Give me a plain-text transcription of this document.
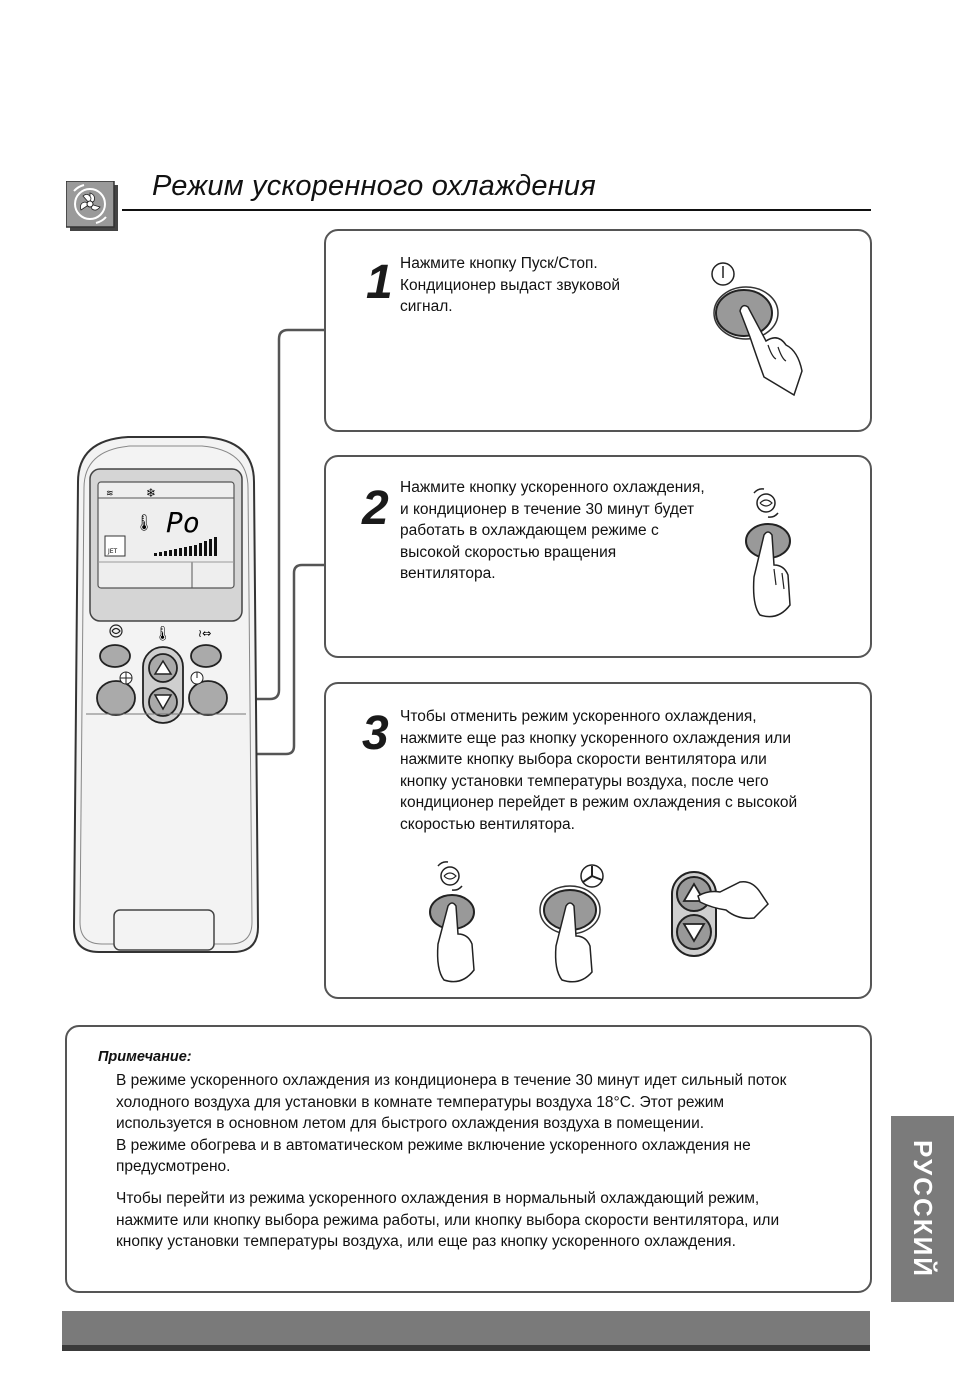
Режим ускоренного охлаждения
≋	❄
🌡 Po
JET
🌡 ≀⇔
1 Нажмите кнопку Пуск/Стоп.
Кондиционер выдаст звуковой
сигнал.
2 Нажмите кнопку ускоренного охлаждения,
и кондиционер в течение 30 минут будет
работать в охлаждающем режиме с
высокой скоростью вращения
вентилятора.
3 Чтобы отменить режим ускоренного охлаждения,
нажмите еще раз кнопку ускоренного охлаждения или
нажмите кнопку выбора скорости вентилятора или
кнопку установки температуры воздуха, после чего
кондиционер перейдет в режим охлаждения с высокой
скоростью вентилятора.
Примечание:
В режиме ускоренного охлаждения из кондиционера в течение 30 минут идет сильный поток
холодного воздуха для установки в комнате температуры воздуха 18°C. Этот режим
используется в основном летом для быстрого охлаждения воздуха в помещении.
В режиме обогрева и в автоматическом режиме включение ускоренного охлаждения не
предусмотрено.
Чтобы перейти из режима ускоренного охлаждения в нормальный охлаждающий режим,
нажмите или кнопку выбора режима работы, или кнопку выбора скорости вентилятора, или
кнопку установки температуры воздуха, или еще раз кнопку ускоренного охлаждения.	РУССКИЙ
